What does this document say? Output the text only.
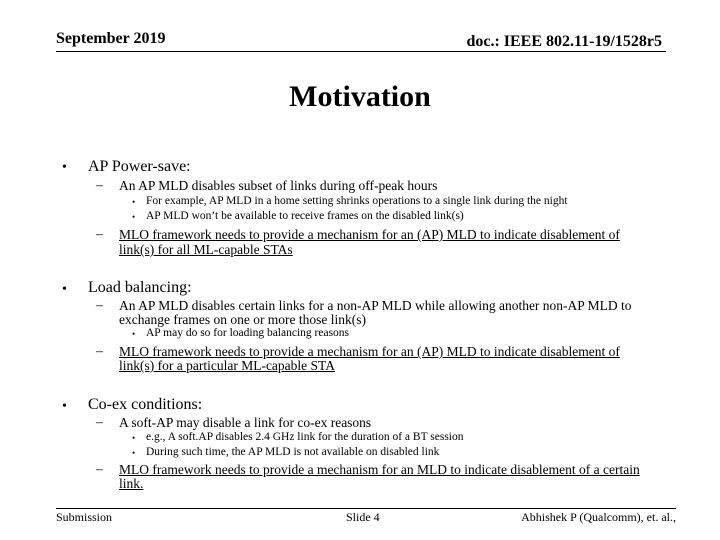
September 2019	doc.: IEEE 802.11-19/1528r5
Motivation
• AP Power-save:
– An AP MLD disables subset of links during off-peak hours
• For example, AP MLD in a home setting shrinks operations to a single link during the night
• AP MLD won’t be available to receive frames on the disabled link(s)
– MLO framework needs to provide a mechanism for an (AP) MLD to indicate disablement of
link(s) for all ML-capable STAs
• Load balancing:
– An AP MLD disables certain links for a non-AP MLD while allowing another non-AP MLD to
exchange frames on one or more those link(s)
• AP may do so for loading balancing reasons
– MLO framework needs to provide a mechanism for an (AP) MLD to indicate disablement of
link(s) for a particular ML-capable STA
• Co-ex conditions:
– A soft-AP may disable a link for co-ex reasons
• e.g., A soft.AP disables 2.4 GHz link for the duration of a BT session
• During such time, the AP MLD is not available on disabled link
– MLO framework needs to provide a mechanism for an MLD to indicate disablement of a certain
link.
Submission	Slide 4	Abhishek P (Qualcomm), et. al.,
